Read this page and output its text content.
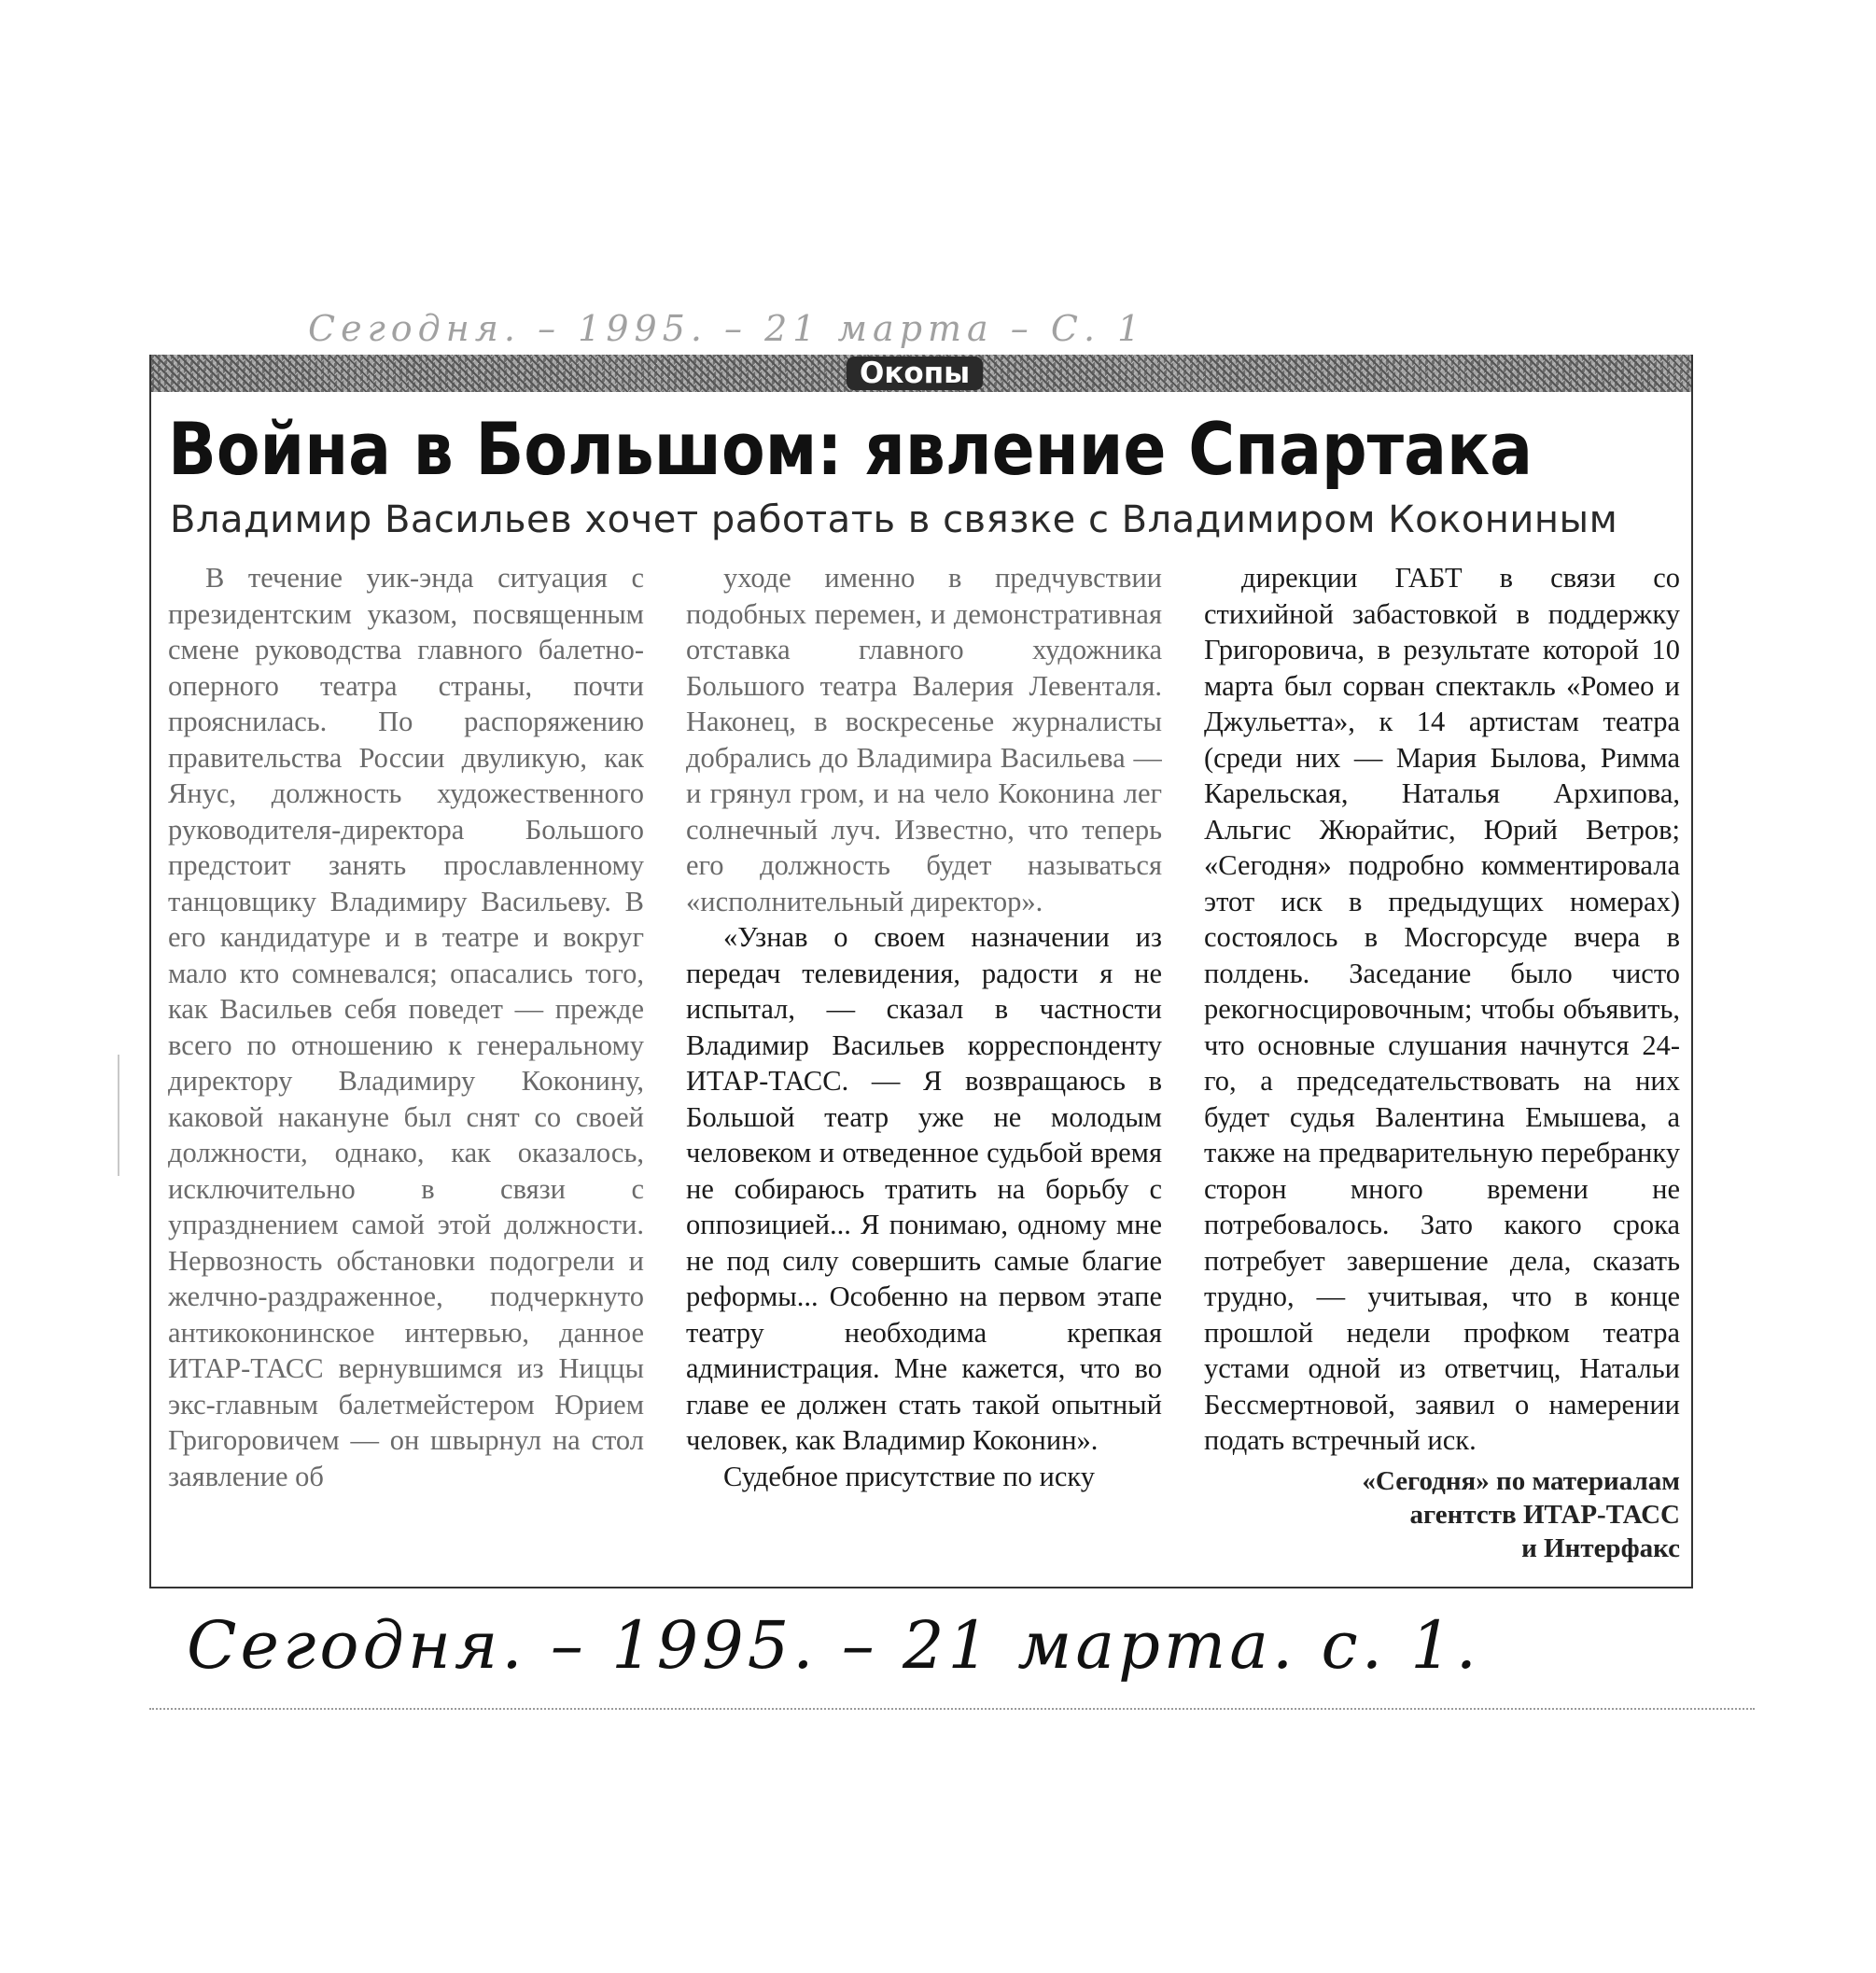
Сегодня. – 1995. – 21 марта – С. 1
Окопы
Война в Большом: явление Спартака
Владимир Васильев хочет работать в связке с Владимиром Кокониным

В течение уик-энда ситуация с президентским указом, посвященным смене руководства главного балетно-оперного театра страны, почти прояснилась. По распоряжению правительства России двуликую, как Янус, должность художественного руководителя-директора Большого предстоит занять прославленному танцовщику Владимиру Васильеву. В его кандидатуре и в театре и вокруг мало кто сомневался; опасались того, как Васильев себя поведет — прежде всего по отношению к генеральному директору Владимиру Коконину, каковой накануне был снят со своей должности, однако, как оказалось, исключительно в связи с упразднением самой этой должности. Нервозность обстановки подогрели и желчно-раздраженное, подчеркнуто антикоконинское интервью, данное ИТАР-ТАСС вернувшимся из Ниццы экс-главным балетмейстером Юрием Григоровичем — он швырнул на стол заявление об

уходе именно в предчувствии подобных перемен, и демонстративная отставка главного художника Большого театра Валерия Левенталя. Наконец, в воскресенье журналисты добрались до Владимира Васильева — и грянул гром, и на чело Коконина лег солнечный луч. Известно, что теперь его должность будет называться «исполнительный директор».

«Узнав о своем назначении из передач телевидения, радости я не испытал, — сказал в частности Владимир Васильев корреспонденту ИТАР-ТАСС. — Я возвращаюсь в Большой театр уже не молодым человеком и отведенное судьбой время не собираюсь тратить на борьбу с оппозицией... Я понимаю, одному мне не под силу совершить самые благие реформы... Особенно на первом этапе театру необходима крепкая администрация. Мне кажется, что во главе ее должен стать такой опытный человек, как Владимир Коконин».

Судебное присутствие по иску

дирекции ГАБТ в связи со стихийной забастовкой в поддержку Григоровича, в результате которой 10 марта был сорван спектакль «Ромео и Джульетта», к 14 артистам театра (среди них — Мария Былова, Римма Карельская, Наталья Архипова, Альгис Жюрайтис, Юрий Ветров; «Сегодня» подробно комментировала этот иск в предыдущих номерах) состоялось в Мосгорсуде вчера в полдень. Заседание было чисто рекогносцировочным; чтобы объявить, что основные слушания начнутся 24-го, а председательствовать на них будет судья Валентина Емышева, а также на предварительную перебранку сторон много времени не потребовалось. Зато какого срока потребует завершение дела, сказать трудно, — учитывая, что в конце прошлой недели профком театра устами одной из ответчиц, Натальи Бессмертновой, заявил о намерении подать встречный иск.

«Сегодня» по материалам
агентств ИТАР-ТАСС
и Интерфакс

Сегодня. – 1995. – 21 марта. с. 1.
